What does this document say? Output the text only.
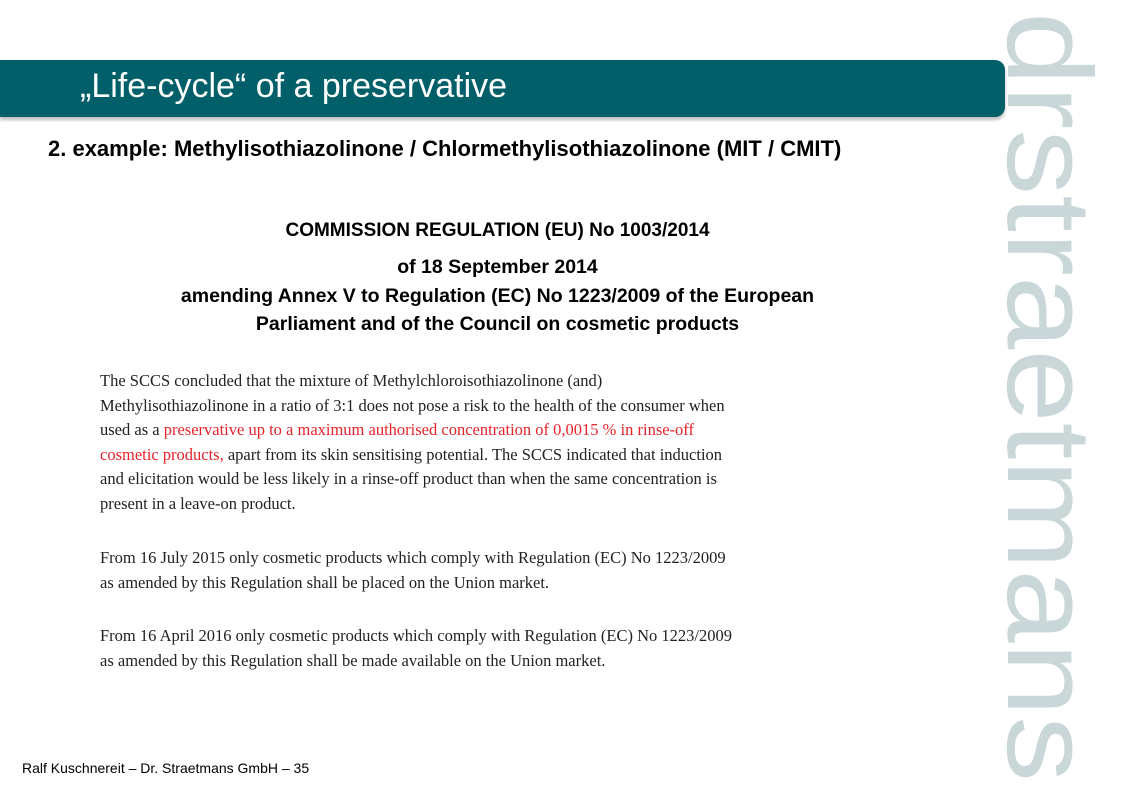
„Life-cycle“ of a preservative
2. example: Methylisothiazolinone / Chlormethylisothiazolinone (MIT / CMIT)
COMMISSION REGULATION (EU) No 1003/2014
of 18 September 2014
amending Annex V to Regulation (EC) No 1223/2009 of the European
Parliament and of the Council on cosmetic products
The SCCS concluded that the mixture of Methylchloroisothiazolinone (and)
Methylisothiazolinone in a ratio of 3:1 does not pose a risk to the health of the consumer when
used as a preservative up to a maximum authorised concentration of 0,0015 % in rinse-off
cosmetic products, apart from its skin sensitising potential. The SCCS indicated that induction
and elicitation would be less likely in a rinse-off product than when the same concentration is
present in a leave-on product.
From 16 July 2015 only cosmetic products which comply with Regulation (EC) No 1223/2009
as amended by this Regulation shall be placed on the Union market.
From 16 April 2016 only cosmetic products which comply with Regulation (EC) No 1223/2009
as amended by this Regulation shall be made available on the Union market.
Ralf Kuschnereit – Dr. Straetmans GmbH – 35
drstraetmans
